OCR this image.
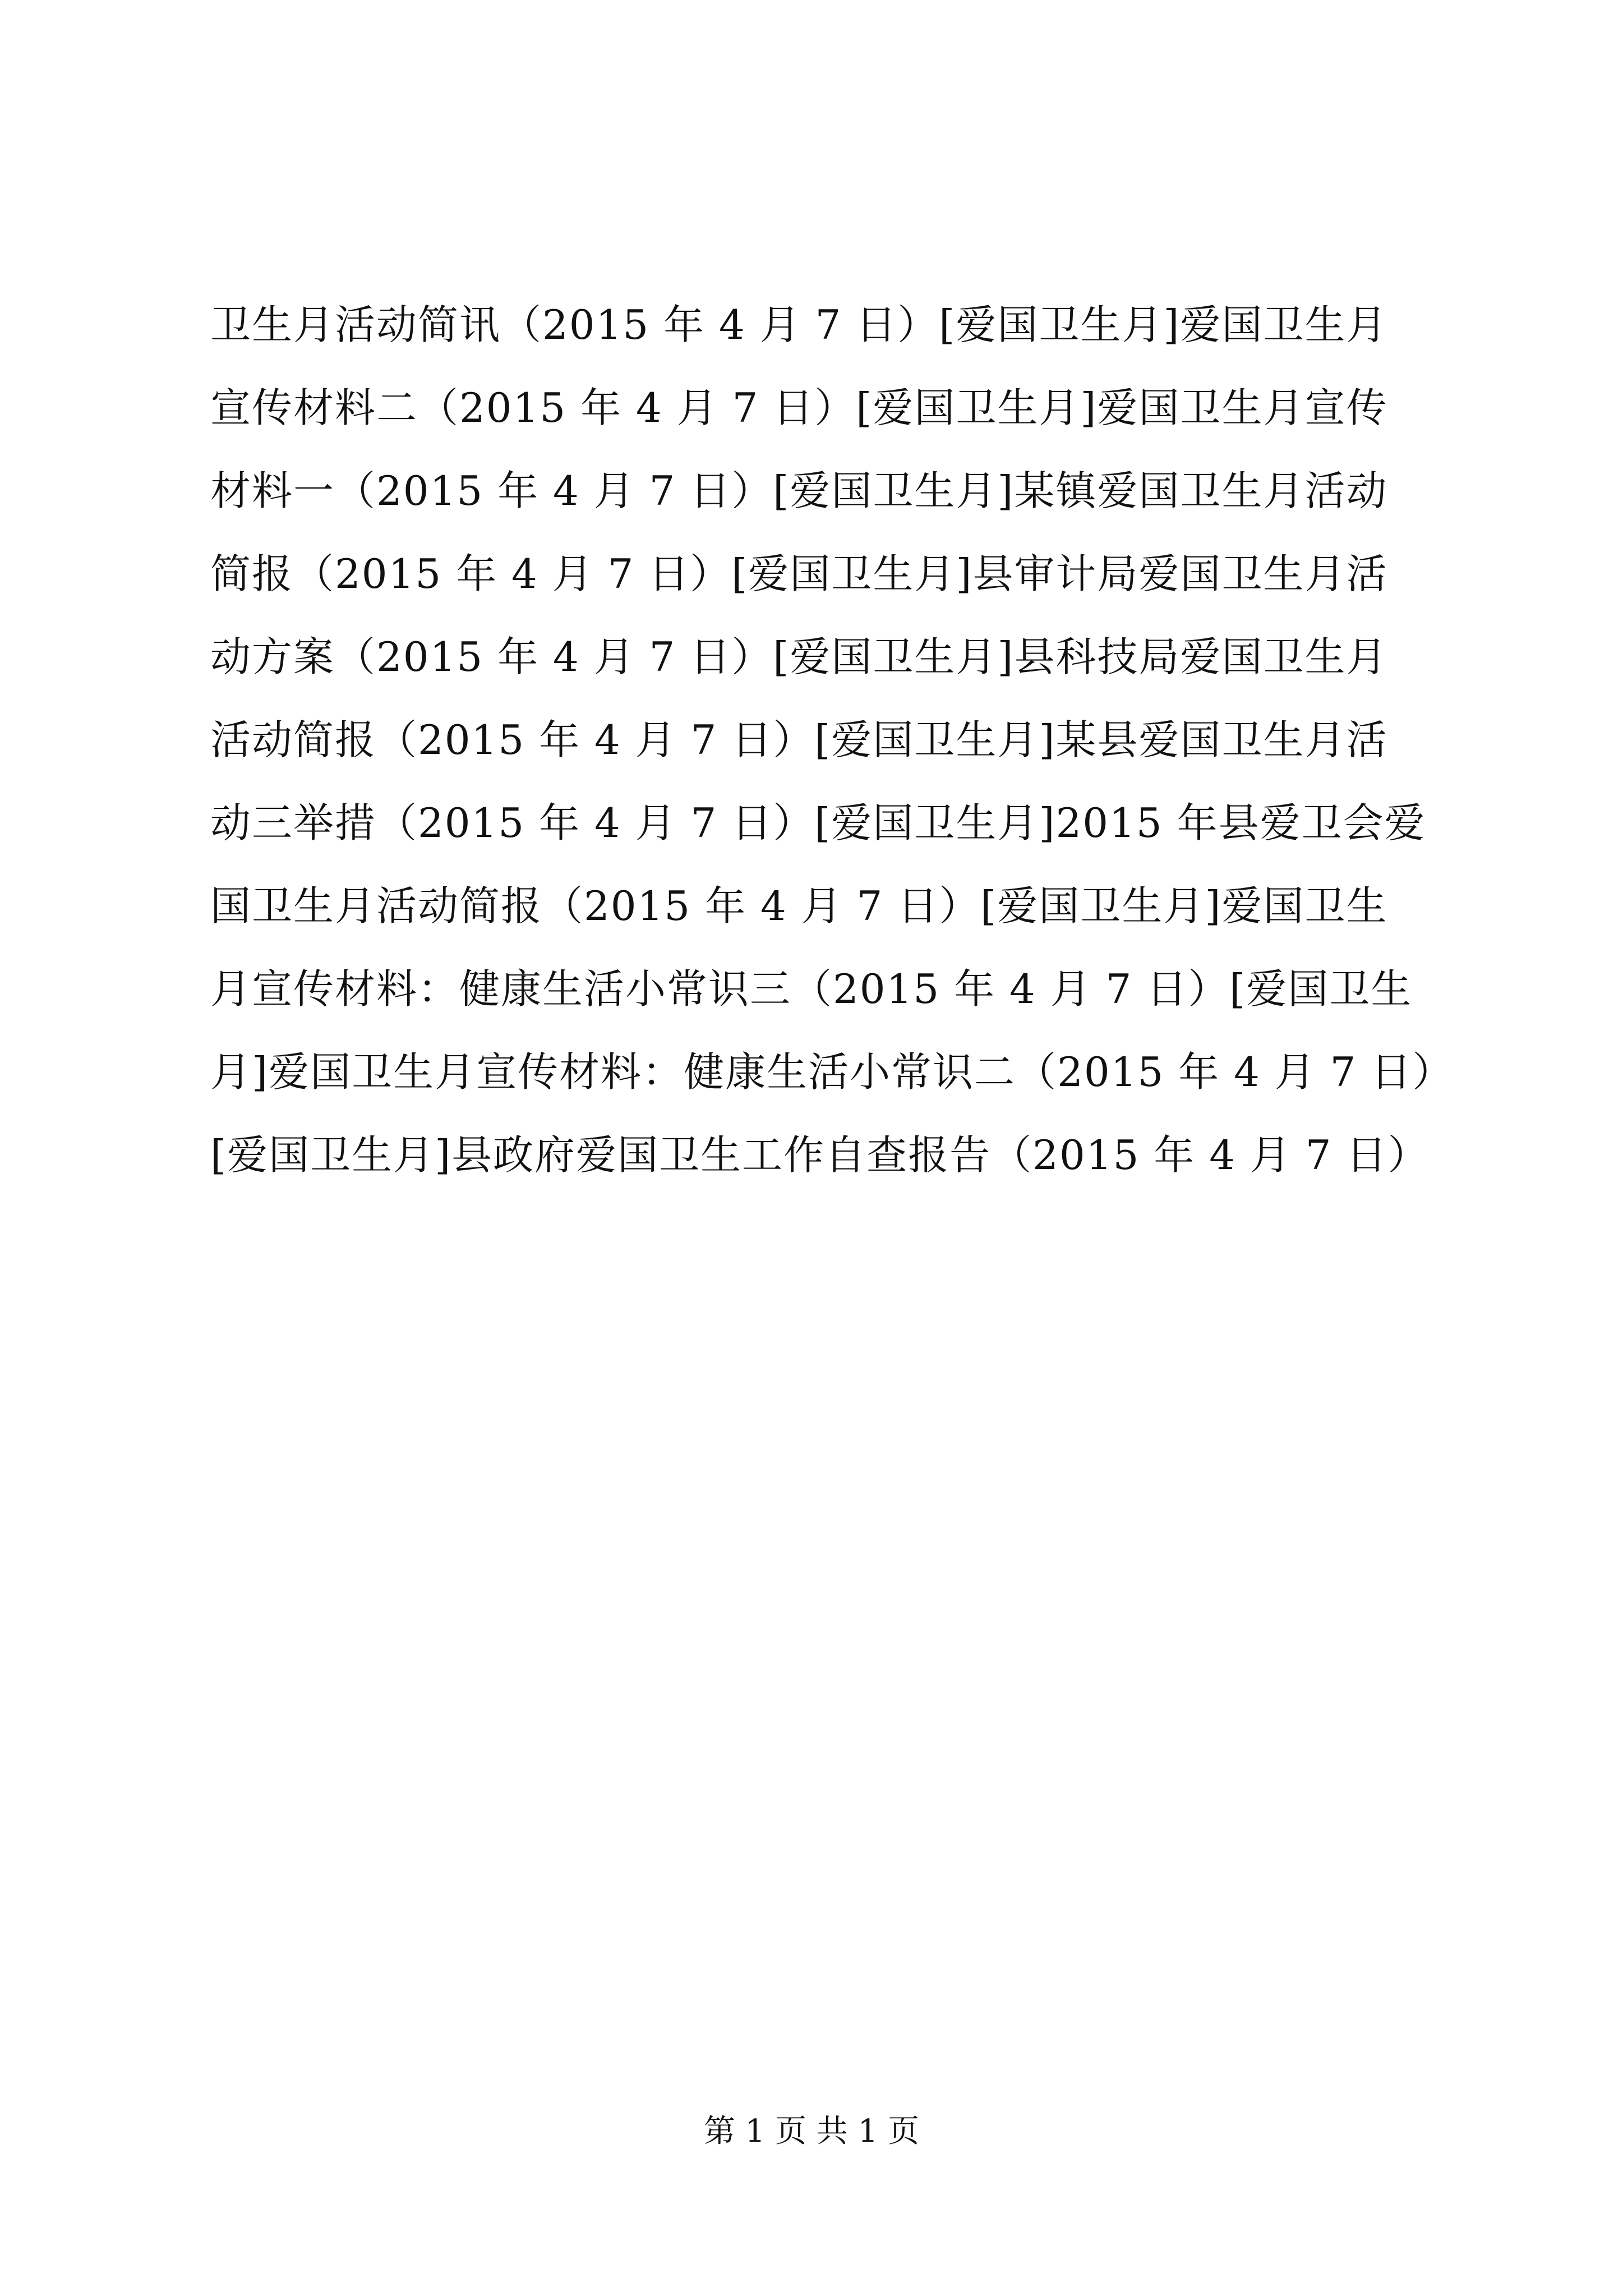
卫生月活动简讯（2015 年 4 月 7 日）[爱国卫生月]爱国卫生月
宣传材料二（2015 年 4 月 7 日）[爱国卫生月]爱国卫生月宣传
材料一（2015 年 4 月 7 日）[爱国卫生月]某镇爱国卫生月活动
简报（2015 年 4 月 7 日）[爱国卫生月]县审计局爱国卫生月活
动方案（2015 年 4 月 7 日）[爱国卫生月]县科技局爱国卫生月
活动简报（2015 年 4 月 7 日）[爱国卫生月]某县爱国卫生月活
动三举措（2015 年 4 月 7 日）[爱国卫生月]2015 年县爱卫会爱
国卫生月活动简报（2015 年 4 月 7 日）[爱国卫生月]爱国卫生
月宣传材料：健康生活小常识三（2015 年 4 月 7 日）[爱国卫生
月]爱国卫生月宣传材料：健康生活小常识二（2015 年 4 月 7 日）
[爱国卫生月]县政府爱国卫生工作自查报告（2015 年 4 月 7 日）
第 1 页 共 1 页
